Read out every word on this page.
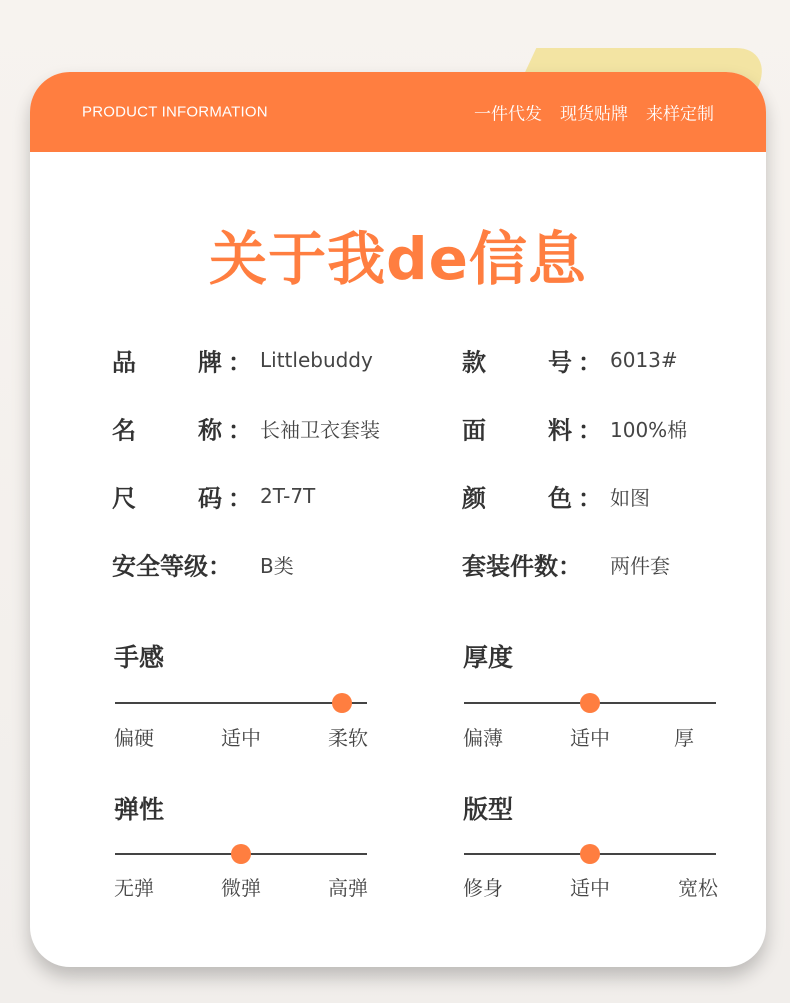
PRODUCT INFORMATION	一件代发 现货贴牌 来样定制
关于我de信息
品	牌 ： Littlebuddy	款	号 ： 6013#
名	称 ： 长袖卫衣套装	面	料 ： 100%棉
尺	码 ： 2T-7T	颜	色 ： 如图
安全等级： B类	套装件数： 两件套
手感
偏硬	适中	柔软
厚度
偏薄	适中	厚
弹性
无弹	微弹	高弹
版型
修身	适中	宽松
